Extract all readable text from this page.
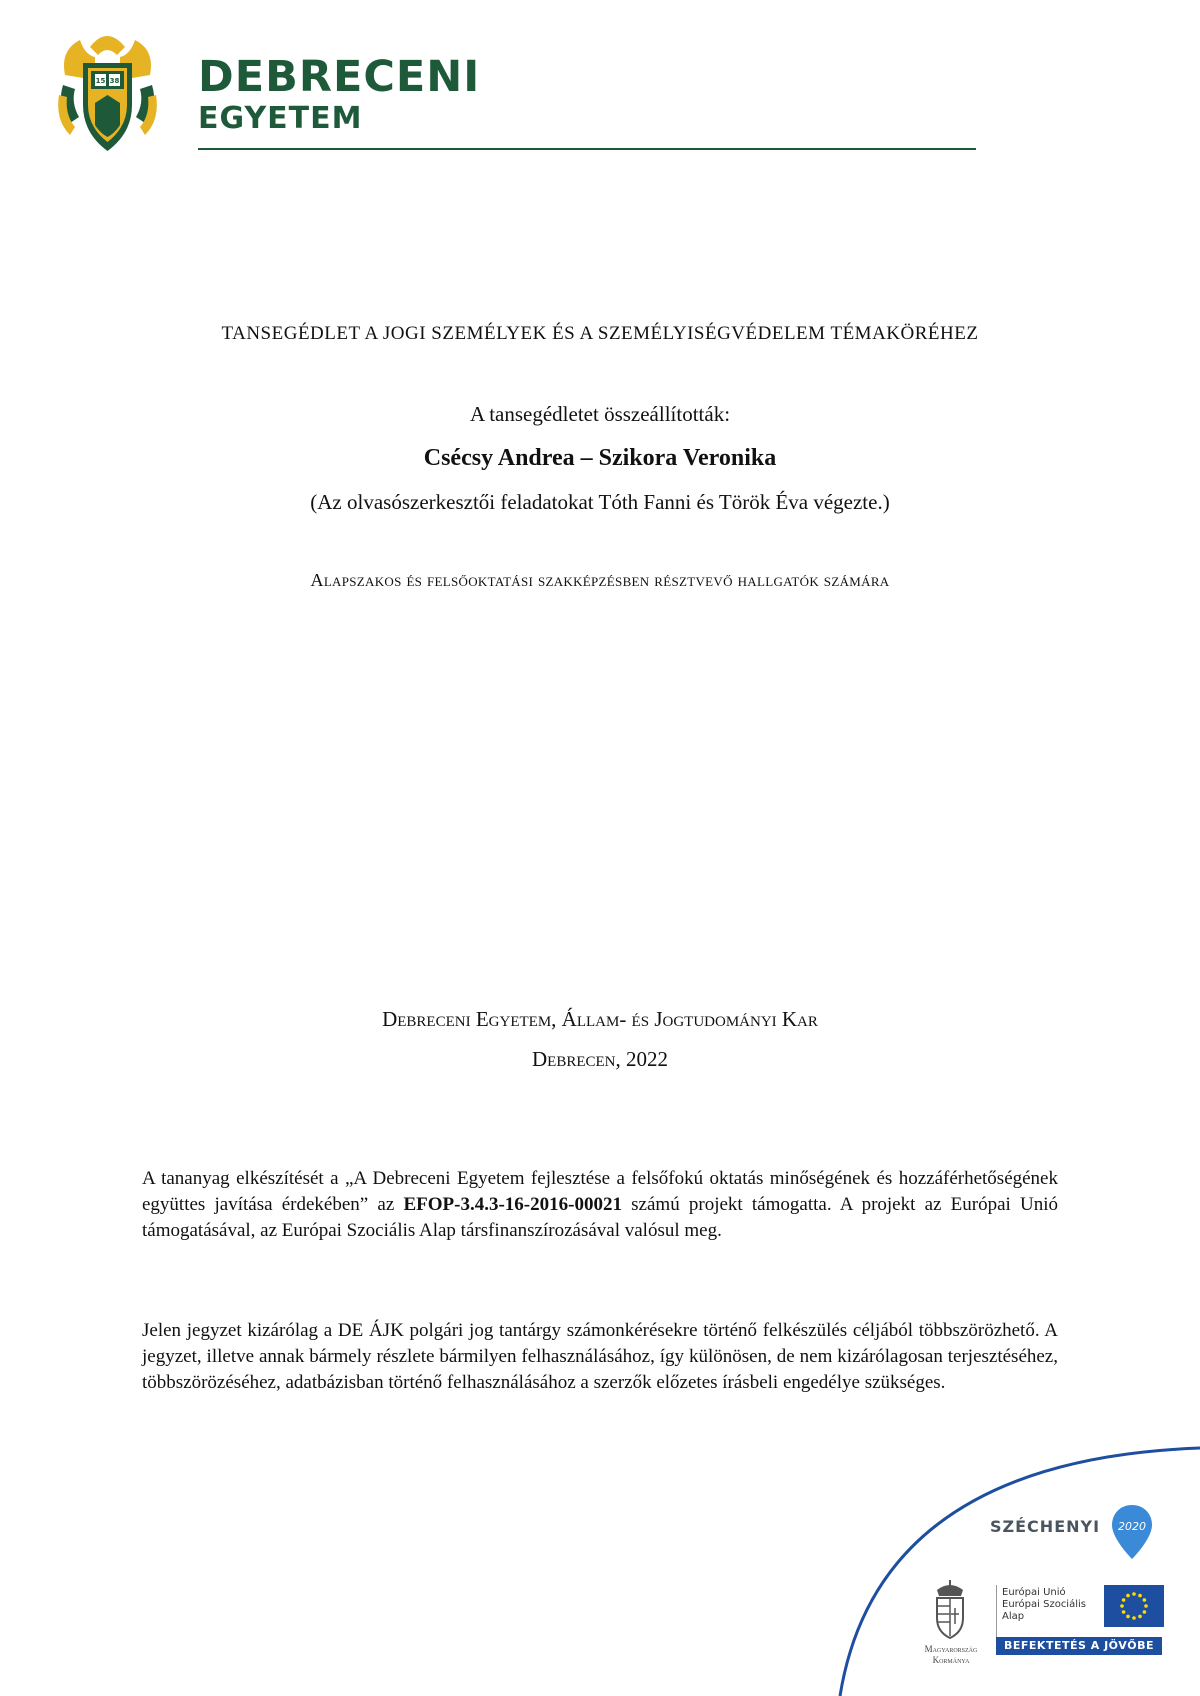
15 38 DEBRECENI
EGYETEM
TANSEGÉDLET A JOGI SZEMÉLYEK ÉS A SZEMÉLYISÉGVÉDELEM TÉMAKÖRÉHEZ
A tansegédletet összeállították:
Csécsy Andrea – Szikora Veronika
(Az olvasószerkesztői feladatokat Tóth Fanni és Török Éva végezte.)
Alapszakos és felsőoktatási szakképzésben résztvevő hallgatók számára
Debreceni Egyetem, Állam- és Jogtudományi Kar
Debrecen, 2022

A tananyag elkészítését a „A Debreceni Egyetem fejlesztése a felsőfokú oktatás minőségének és hozzáférhetőségének együttes javítása érdekében” az EFOP-3.4.3-16-2016-00021 számú projekt támogatta. A projekt az Európai Unió támogatásával, az Európai Szociális Alap társfinanszírozásával valósul meg.

Jelen jegyzet kizárólag a DE ÁJK polgári jog tantárgy számonkérésekre történő felkészülés céljából többszörözhető. A jegyzet, illetve annak bármely részlete bármilyen felhasználásához, így különösen, de nem kizárólagosan terjesztéséhez, többszörözéséhez, adatbázisban történő felhasználásához a szerzők előzetes írásbeli engedélye szükséges.

SZÉCHENYI 2020
Magyarország
Kormánya
Európai Unió
Európai Szociális
Alap
BEFEKTETÉS A JÖVŐBE
